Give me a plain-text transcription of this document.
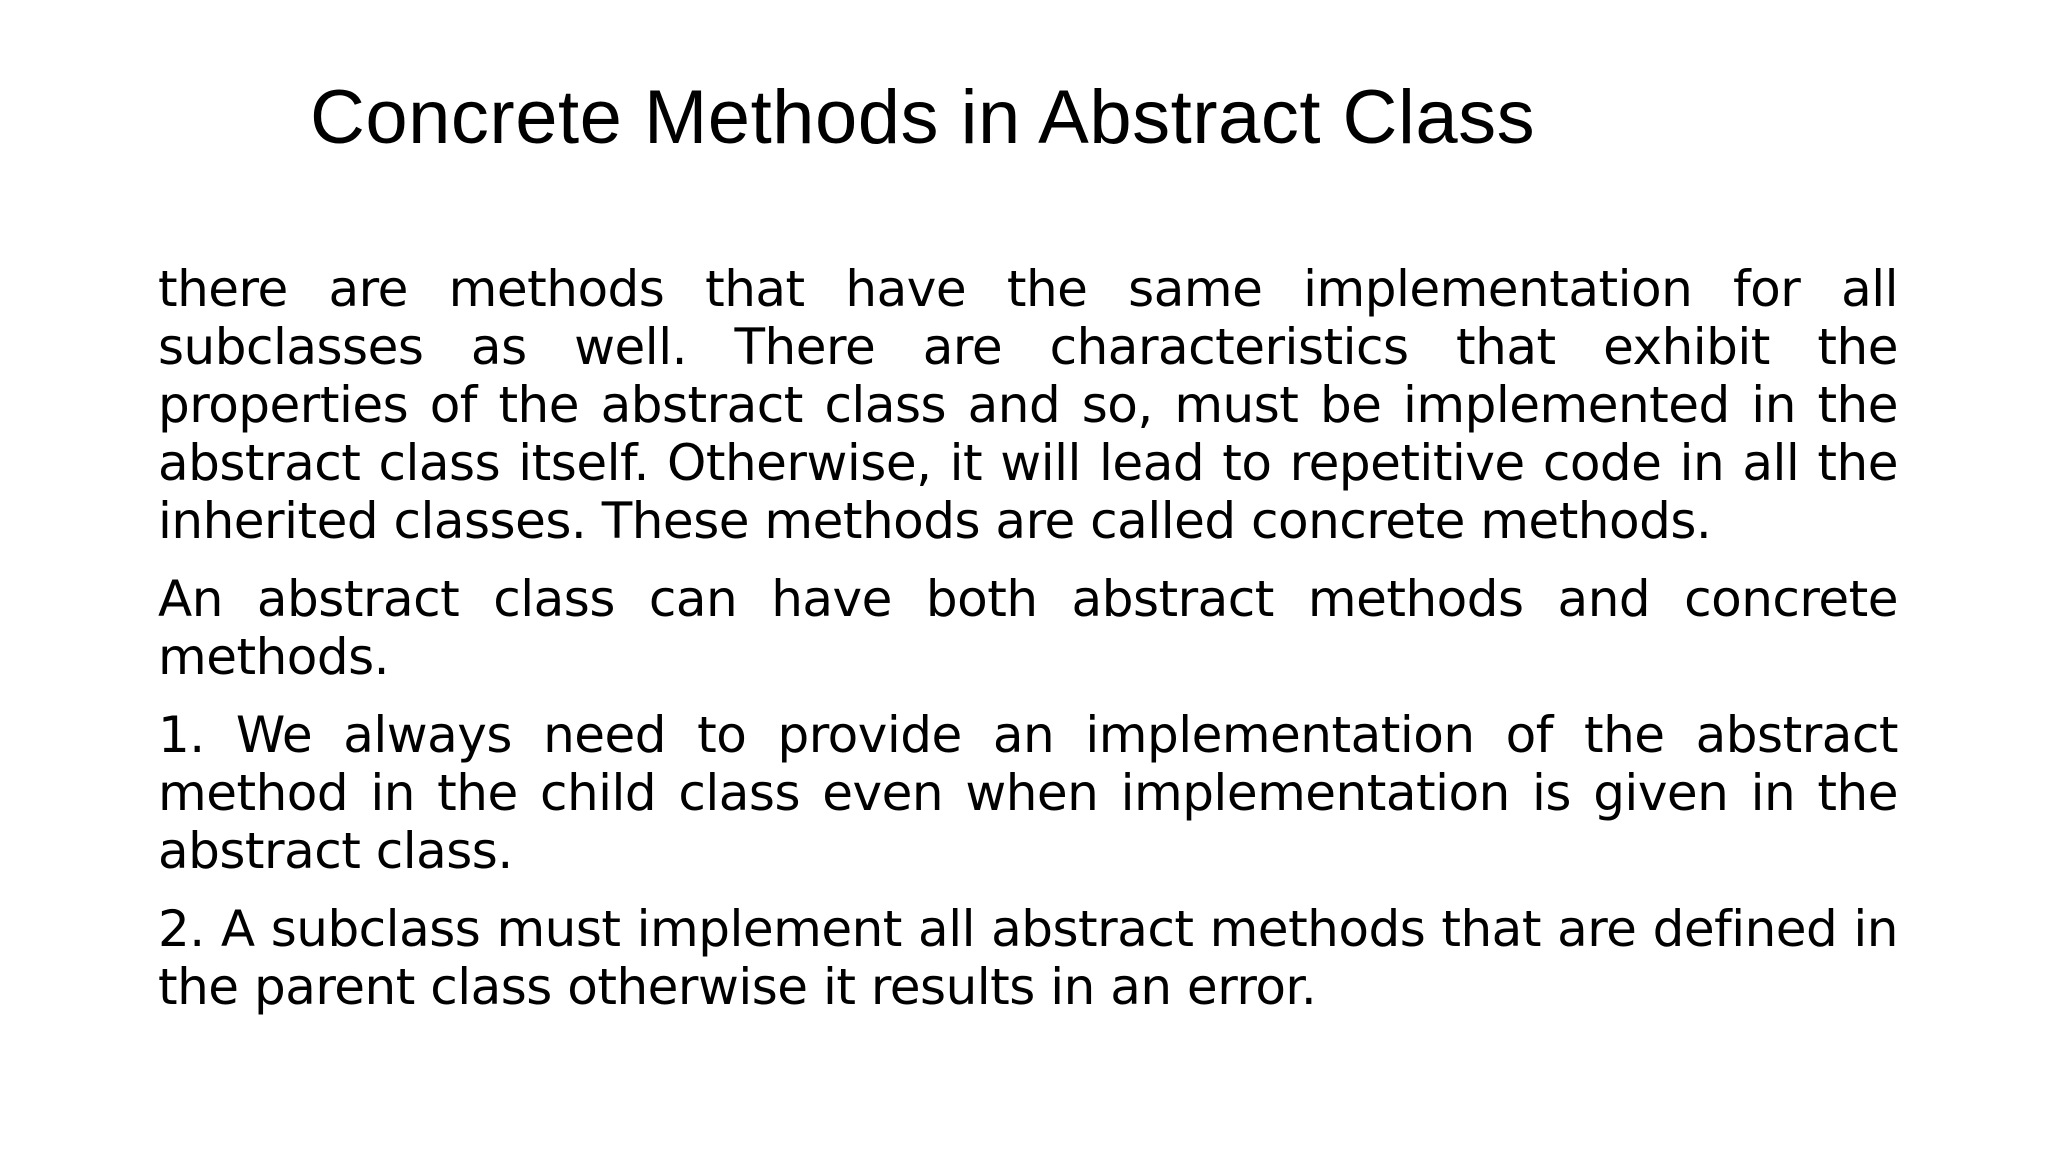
Concrete Methods in Abstract Class

there are methods that have the same implementation for all subclasses as well. There are characteristics that exhibit the properties of the abstract class and so, must be implemented in the abstract class itself. Otherwise, it will lead to repetitive code in all the inherited classes. These methods are called concrete methods.

An abstract class can have both abstract methods and concrete methods.

1. We always need to provide an implementation of the abstract method in the child class even when implementation is given in the abstract class.

2. A subclass must implement all abstract methods that are defined in the parent class otherwise it results in an error.
